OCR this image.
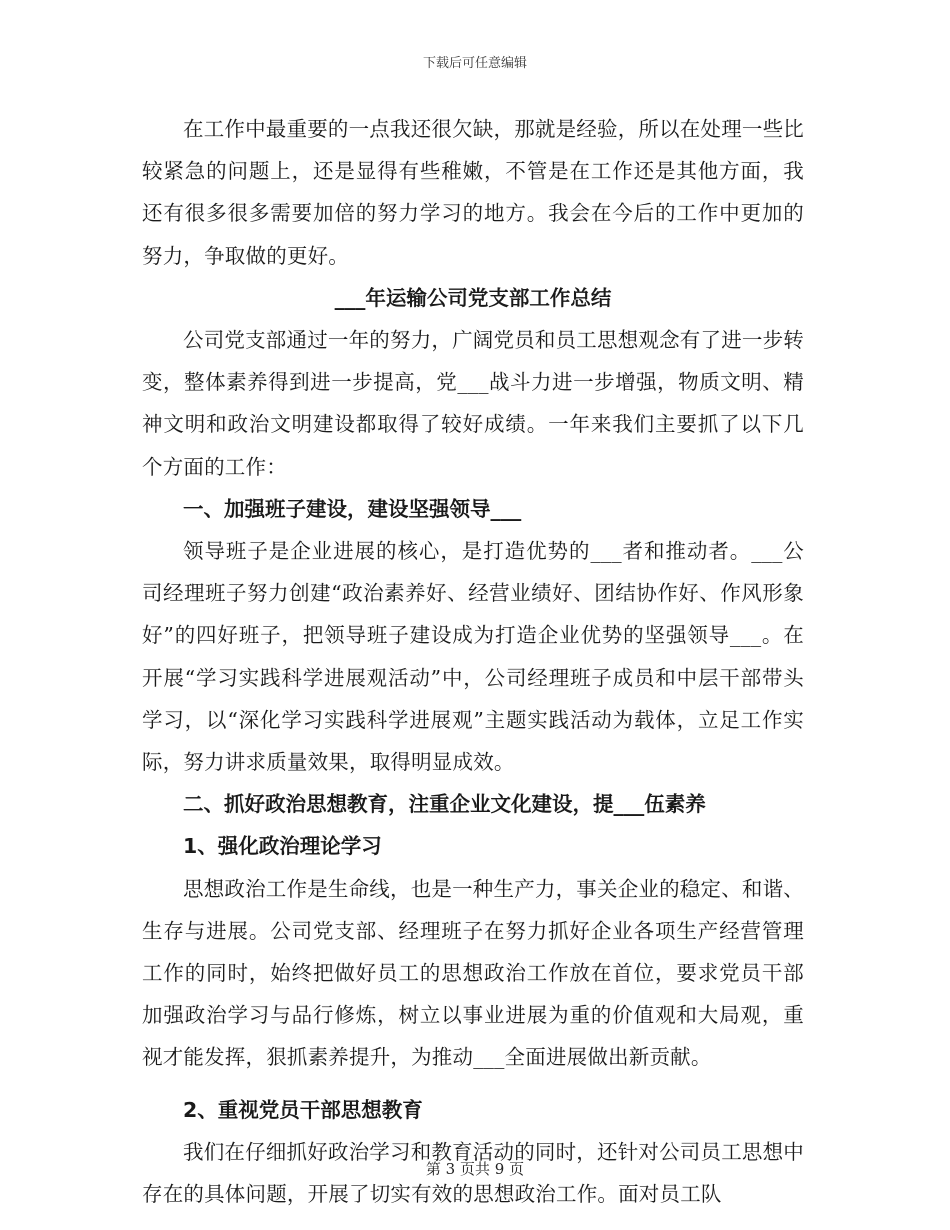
下载后可任意编辑

在工作中最重要的一点我还很欠缺，那就是经验，所以在处理一些比较紧急的问题上，还是显得有些稚嫩，不管是在工作还是其他方面，我还有很多很多需要加倍的努力学习的地方。我会在今后的工作中更加的努力，争取做的更好。

___年运输公司党支部工作总结

公司党支部通过一年的努力，广阔党员和员工思想观念有了进一步转变，整体素养得到进一步提高，党___战斗力进一步增强，物质文明、精神文明和政治文明建设都取得了较好成绩。一年来我们主要抓了以下几个方面的工作：

一、加强班子建设，建设坚强领导___

领导班子是企业进展的核心，是打造优势的___者和推动者。___公司经理班子努力创建“政治素养好、经营业绩好、团结协作好、作风形象好”的四好班子，把领导班子建设成为打造企业优势的坚强领导___。在开展“学习实践科学进展观活动”中，公司经理班子成员和中层干部带头学习，以“深化学习实践科学进展观”主题实践活动为载体，立足工作实际，努力讲求质量效果，取得明显成效。

二、抓好政治思想教育，注重企业文化建设，提___伍素养

1、强化政治理论学习

思想政治工作是生命线，也是一种生产力，事关企业的稳定、和谐、生存与进展。公司党支部、经理班子在努力抓好企业各项生产经营管理工作的同时，始终把做好员工的思想政治工作放在首位，要求党员干部加强政治学习与品行修炼，树立以事业进展为重的价值观和大局观，重视才能发挥，狠抓素养提升，为推动___全面进展做出新贡献。

2、重视党员干部思想教育

我们在仔细抓好政治学习和教育活动的同时，还针对公司员工思想中存在的具体问题，开展了切实有效的思想政治工作。面对员工队

第 3 页共 9 页
